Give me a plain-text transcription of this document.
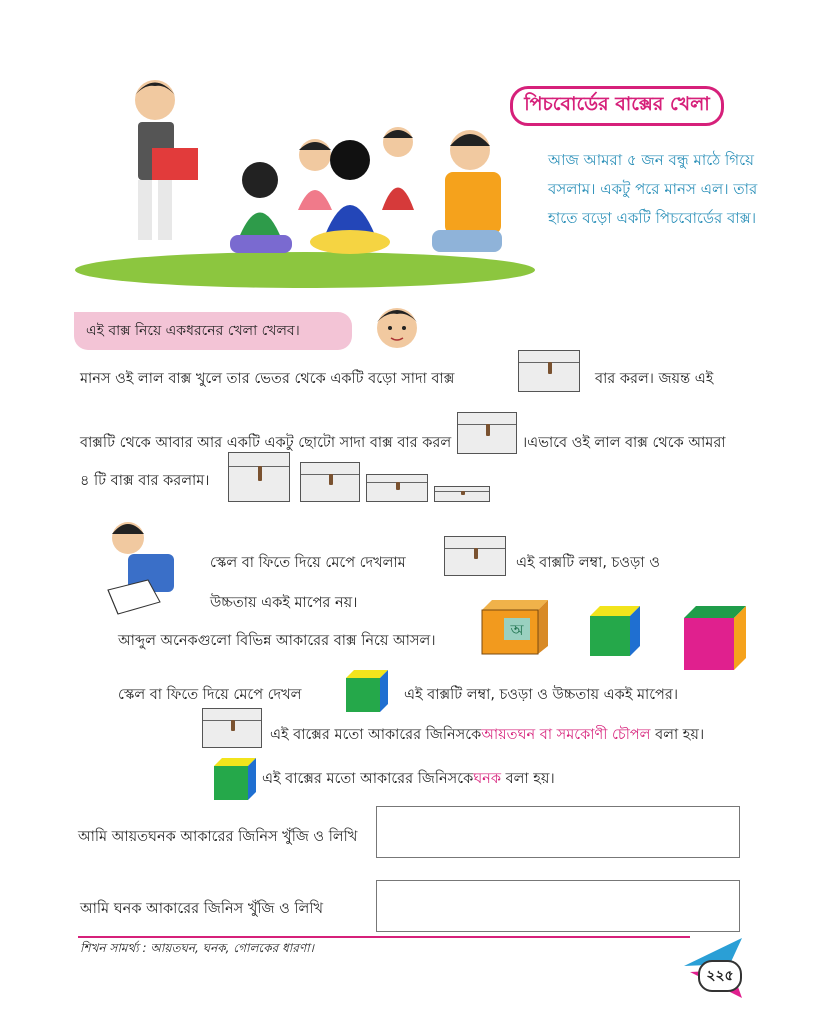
পিচবোর্ডের বাক্সের খেলা
আজ আমরা ৫ জন বন্ধু মাঠে গিয়ে বসলাম। একটু পরে মানস এল। তার হাতে বড়ো একটি পিচবোর্ডের বাক্স।
এই বাক্স নিয়ে একধরনের খেলা খেলব।
মানস ওই লাল বাক্স খুলে তার ভেতর থেকে একটি বড়ো সাদা বাক্স	বার করল। জয়ন্ত এই
বাক্সটি থেকে আবার আর একটি একটু ছোটো সাদা বাক্স বার করল	।এভাবে ওই লাল বাক্স থেকে আমরা
৪ টি বাক্স বার করলাম।
স্কেল বা ফিতে দিয়ে মেপে দেখলাম	এই বাক্সটি লম্বা, চওড়া ও
উচ্চতায় একই মাপের নয়।
আব্দুল অনেকগুলো বিভিন্ন আকারের বাক্স নিয়ে আসল।
অ
স্কেল বা ফিতে দিয়ে মেপে দেখল	এই বাক্সটি লম্বা, চওড়া ও উচ্চতায় একই মাপের।
এই বাক্সের মতো আকারের জিনিসকেআয়তঘন বা সমকোণী চৌপল বলা হয়।
এই বাক্সের মতো আকারের জিনিসকেঘনক বলা হয়।
আমি আয়তঘনক আকারের জিনিস খুঁজি ও লিখি
আমি ঘনক আকারের জিনিস খুঁজি ও লিখি
শিখন সামর্থ্য : আয়তঘন, ঘনক, গোলকের ধারণা।
২২৫
